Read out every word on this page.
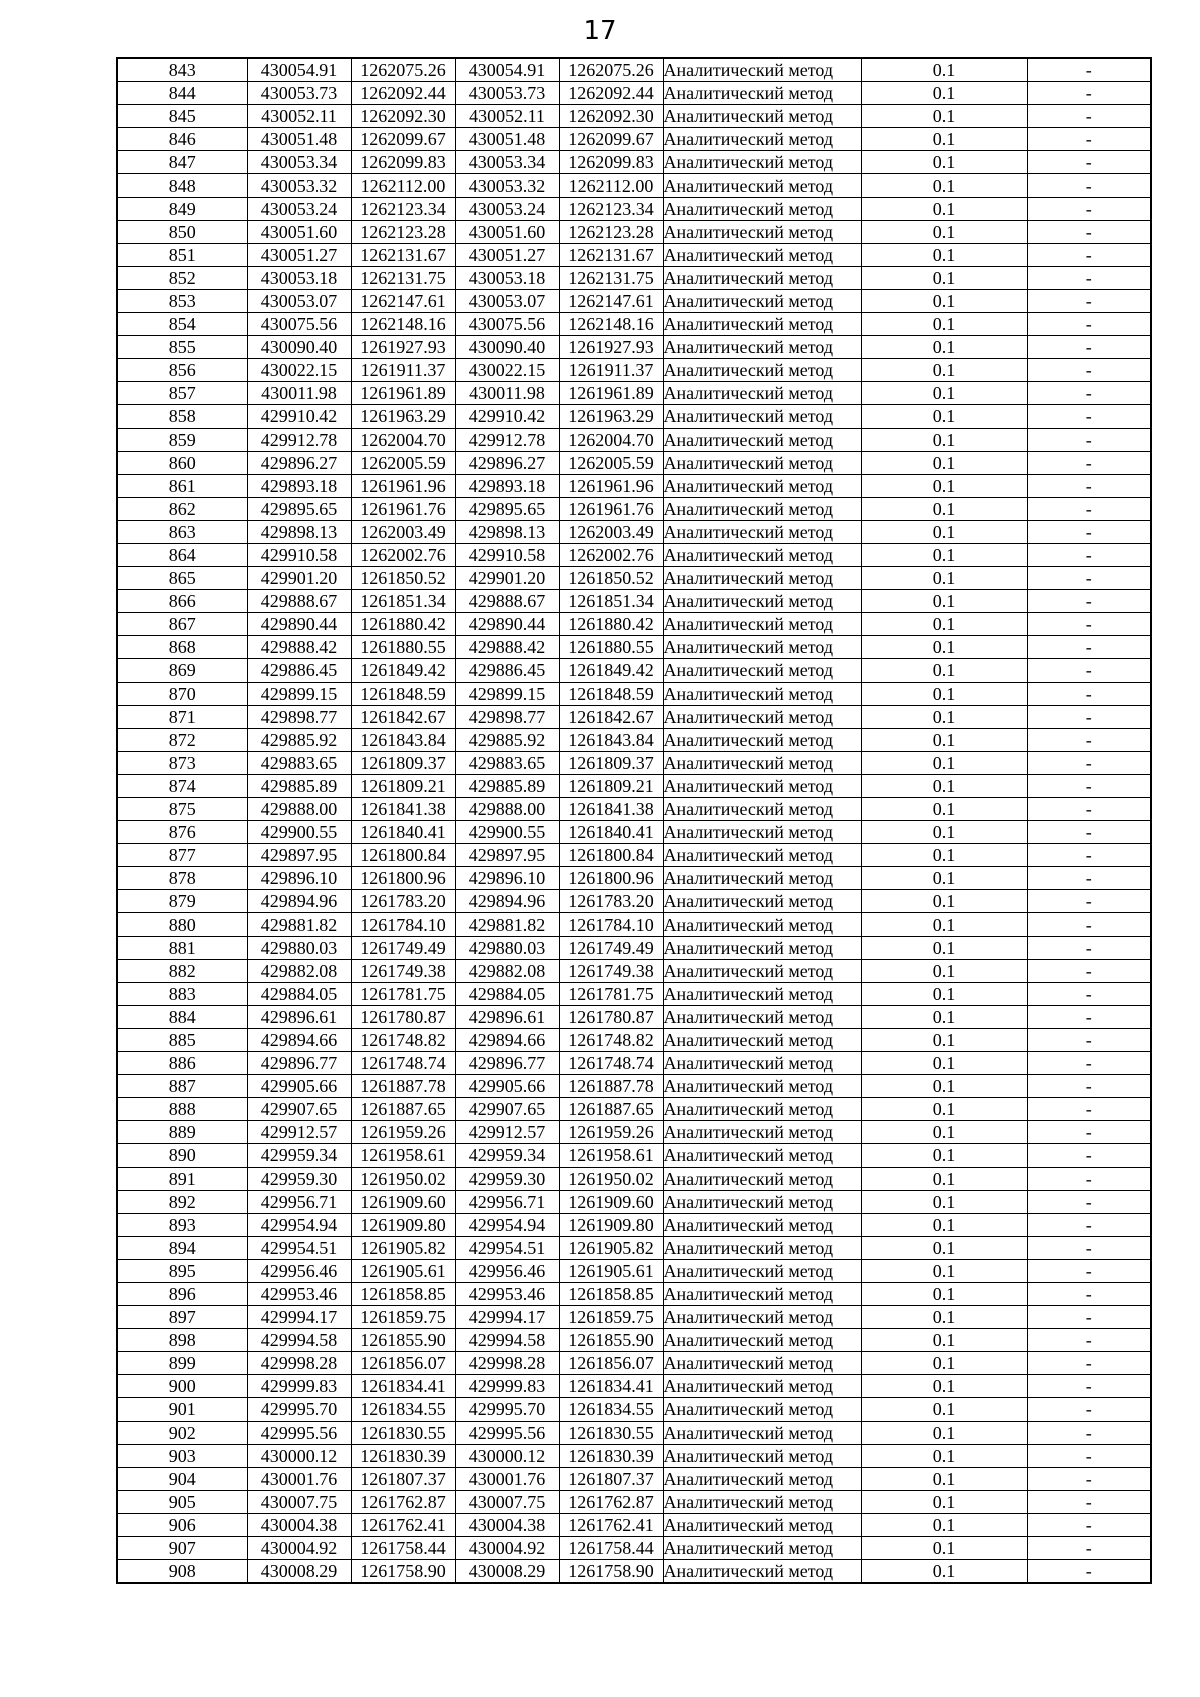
17
843	430054.91	1262075.26	430054.91	1262075.26	Аналитический метод	0.1	-
844	430053.73	1262092.44	430053.73	1262092.44	Аналитический метод	0.1	-
845	430052.11	1262092.30	430052.11	1262092.30	Аналитический метод	0.1	-
846	430051.48	1262099.67	430051.48	1262099.67	Аналитический метод	0.1	-
847	430053.34	1262099.83	430053.34	1262099.83	Аналитический метод	0.1	-
848	430053.32	1262112.00	430053.32	1262112.00	Аналитический метод	0.1	-
849	430053.24	1262123.34	430053.24	1262123.34	Аналитический метод	0.1	-
850	430051.60	1262123.28	430051.60	1262123.28	Аналитический метод	0.1	-
851	430051.27	1262131.67	430051.27	1262131.67	Аналитический метод	0.1	-
852	430053.18	1262131.75	430053.18	1262131.75	Аналитический метод	0.1	-
853	430053.07	1262147.61	430053.07	1262147.61	Аналитический метод	0.1	-
854	430075.56	1262148.16	430075.56	1262148.16	Аналитический метод	0.1	-
855	430090.40	1261927.93	430090.40	1261927.93	Аналитический метод	0.1	-
856	430022.15	1261911.37	430022.15	1261911.37	Аналитический метод	0.1	-
857	430011.98	1261961.89	430011.98	1261961.89	Аналитический метод	0.1	-
858	429910.42	1261963.29	429910.42	1261963.29	Аналитический метод	0.1	-
859	429912.78	1262004.70	429912.78	1262004.70	Аналитический метод	0.1	-
860	429896.27	1262005.59	429896.27	1262005.59	Аналитический метод	0.1	-
861	429893.18	1261961.96	429893.18	1261961.96	Аналитический метод	0.1	-
862	429895.65	1261961.76	429895.65	1261961.76	Аналитический метод	0.1	-
863	429898.13	1262003.49	429898.13	1262003.49	Аналитический метод	0.1	-
864	429910.58	1262002.76	429910.58	1262002.76	Аналитический метод	0.1	-
865	429901.20	1261850.52	429901.20	1261850.52	Аналитический метод	0.1	-
866	429888.67	1261851.34	429888.67	1261851.34	Аналитический метод	0.1	-
867	429890.44	1261880.42	429890.44	1261880.42	Аналитический метод	0.1	-
868	429888.42	1261880.55	429888.42	1261880.55	Аналитический метод	0.1	-
869	429886.45	1261849.42	429886.45	1261849.42	Аналитический метод	0.1	-
870	429899.15	1261848.59	429899.15	1261848.59	Аналитический метод	0.1	-
871	429898.77	1261842.67	429898.77	1261842.67	Аналитический метод	0.1	-
872	429885.92	1261843.84	429885.92	1261843.84	Аналитический метод	0.1	-
873	429883.65	1261809.37	429883.65	1261809.37	Аналитический метод	0.1	-
874	429885.89	1261809.21	429885.89	1261809.21	Аналитический метод	0.1	-
875	429888.00	1261841.38	429888.00	1261841.38	Аналитический метод	0.1	-
876	429900.55	1261840.41	429900.55	1261840.41	Аналитический метод	0.1	-
877	429897.95	1261800.84	429897.95	1261800.84	Аналитический метод	0.1	-
878	429896.10	1261800.96	429896.10	1261800.96	Аналитический метод	0.1	-
879	429894.96	1261783.20	429894.96	1261783.20	Аналитический метод	0.1	-
880	429881.82	1261784.10	429881.82	1261784.10	Аналитический метод	0.1	-
881	429880.03	1261749.49	429880.03	1261749.49	Аналитический метод	0.1	-
882	429882.08	1261749.38	429882.08	1261749.38	Аналитический метод	0.1	-
883	429884.05	1261781.75	429884.05	1261781.75	Аналитический метод	0.1	-
884	429896.61	1261780.87	429896.61	1261780.87	Аналитический метод	0.1	-
885	429894.66	1261748.82	429894.66	1261748.82	Аналитический метод	0.1	-
886	429896.77	1261748.74	429896.77	1261748.74	Аналитический метод	0.1	-
887	429905.66	1261887.78	429905.66	1261887.78	Аналитический метод	0.1	-
888	429907.65	1261887.65	429907.65	1261887.65	Аналитический метод	0.1	-
889	429912.57	1261959.26	429912.57	1261959.26	Аналитический метод	0.1	-
890	429959.34	1261958.61	429959.34	1261958.61	Аналитический метод	0.1	-
891	429959.30	1261950.02	429959.30	1261950.02	Аналитический метод	0.1	-
892	429956.71	1261909.60	429956.71	1261909.60	Аналитический метод	0.1	-
893	429954.94	1261909.80	429954.94	1261909.80	Аналитический метод	0.1	-
894	429954.51	1261905.82	429954.51	1261905.82	Аналитический метод	0.1	-
895	429956.46	1261905.61	429956.46	1261905.61	Аналитический метод	0.1	-
896	429953.46	1261858.85	429953.46	1261858.85	Аналитический метод	0.1	-
897	429994.17	1261859.75	429994.17	1261859.75	Аналитический метод	0.1	-
898	429994.58	1261855.90	429994.58	1261855.90	Аналитический метод	0.1	-
899	429998.28	1261856.07	429998.28	1261856.07	Аналитический метод	0.1	-
900	429999.83	1261834.41	429999.83	1261834.41	Аналитический метод	0.1	-
901	429995.70	1261834.55	429995.70	1261834.55	Аналитический метод	0.1	-
902	429995.56	1261830.55	429995.56	1261830.55	Аналитический метод	0.1	-
903	430000.12	1261830.39	430000.12	1261830.39	Аналитический метод	0.1	-
904	430001.76	1261807.37	430001.76	1261807.37	Аналитический метод	0.1	-
905	430007.75	1261762.87	430007.75	1261762.87	Аналитический метод	0.1	-
906	430004.38	1261762.41	430004.38	1261762.41	Аналитический метод	0.1	-
907	430004.92	1261758.44	430004.92	1261758.44	Аналитический метод	0.1	-
908	430008.29	1261758.90	430008.29	1261758.90	Аналитический метод	0.1	-
